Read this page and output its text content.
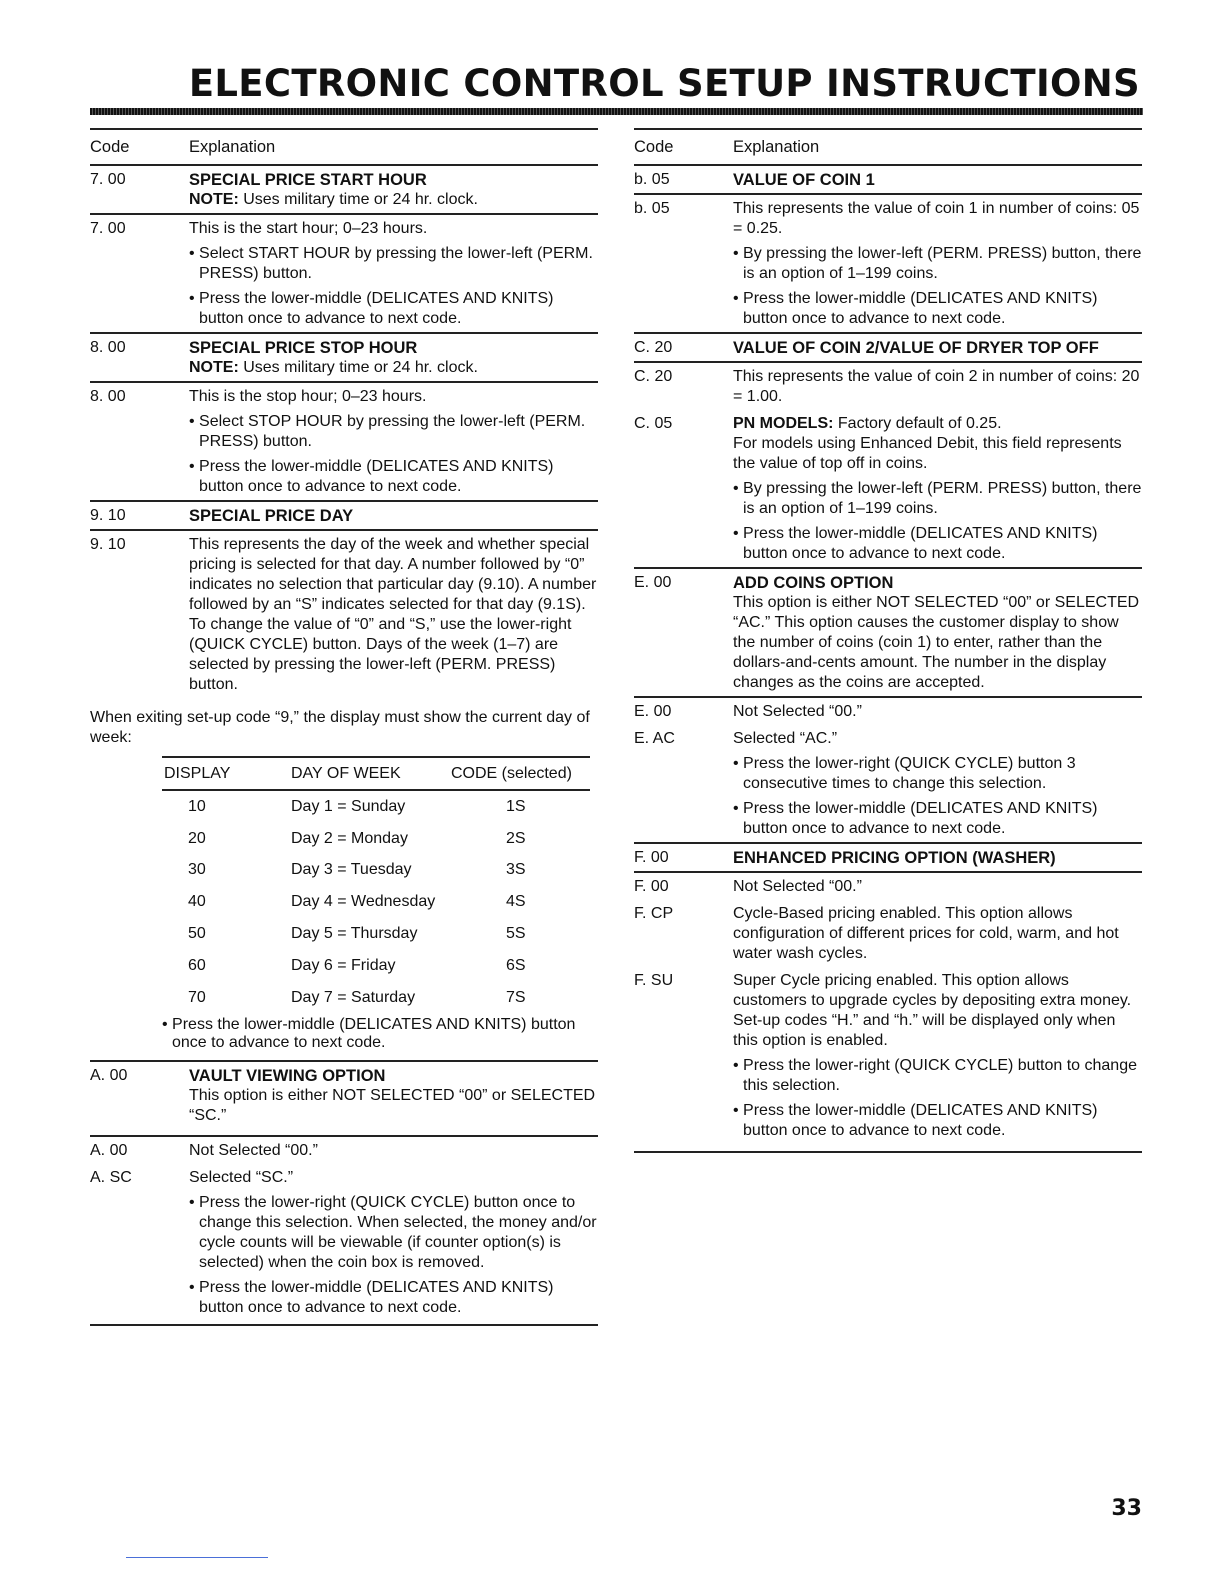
ELECTRONIC CONTROL SETUP INSTRUCTIONS
Code	Explanation
7. 00	SPECIAL PRICE START HOUR
NOTE: Uses military time or 24 hr. clock.
7. 00	This is the start hour; 0–23 hours.
• Select START HOUR by pressing the lower-left (PERM. PRESS) button.
• Press the lower-middle (DELICATES AND KNITS) button once to advance to next code.
8. 00	SPECIAL PRICE STOP HOUR
NOTE: Uses military time or 24 hr. clock.
8. 00	This is the stop hour; 0–23 hours.
• Select STOP HOUR by pressing the lower-left (PERM. PRESS) button.
• Press the lower-middle (DELICATES AND KNITS) button once to advance to next code.
9. 10	SPECIAL PRICE DAY
9. 10	This represents the day of the week and whether special pricing is selected for that day. A number followed by “0” indicates no selection that particular day (9.10). A number followed by an “S” indicates selected for that day (9.1S). To change the value of “0” and “S,” use the lower-right (QUICK CYCLE) button. Days of the week (1–7) are selected by pressing the lower-left (PERM. PRESS) button.
When exiting set-up code “9,” the display must show the current day of week:
DISPLAY	DAY OF WEEK	CODE (selected)
10	Day 1 = Sunday	1S
20	Day 2 = Monday	2S
30	Day 3 = Tuesday	3S
40	Day 4 = Wednesday	4S
50	Day 5 = Thursday	5S
60	Day 6 = Friday	6S
70	Day 7 = Saturday	7S
• Press the lower-middle (DELICATES AND KNITS) button once to advance to next code.
A. 00	VAULT VIEWING OPTION
This option is either NOT SELECTED “00” or SELECTED “SC.”
A. 00	Not Selected “00.”
A. SC	Selected “SC.”
• Press the lower-right (QUICK CYCLE) button once to change this selection. When selected, the money and/or cycle counts will be viewable (if counter option(s) is selected) when the coin box is removed.
• Press the lower-middle (DELICATES AND KNITS) button once to advance to next code.
Code	Explanation
b. 05	VALUE OF COIN 1
b. 05	This represents the value of coin 1 in number of coins: 05 = 0.25.
• By pressing the lower-left (PERM. PRESS) button, there is an option of 1–199 coins.
• Press the lower-middle (DELICATES AND KNITS) button once to advance to next code.
C. 20	VALUE OF COIN 2/VALUE OF DRYER TOP OFF
C. 20	This represents the value of coin 2 in number of coins: 20 = 1.00.
C. 05	PN MODELS: Factory default of 0.25.
For models using Enhanced Debit, this field represents the value of top off in coins.
• By pressing the lower-left (PERM. PRESS) button, there is an option of 1–199 coins.
• Press the lower-middle (DELICATES AND KNITS) button once to advance to next code.
E. 00	ADD COINS OPTION
This option is either NOT SELECTED “00” or SELECTED “AC.” This option causes the customer display to show the number of coins (coin 1) to enter, rather than the dollars-and-cents amount. The number in the display changes as the coins are accepted.
E. 00	Not Selected “00.”
E. AC	Selected “AC.”
• Press the lower-right (QUICK CYCLE) button 3 consecutive times to change this selection.
• Press the lower-middle (DELICATES AND KNITS) button once to advance to next code.
F. 00	ENHANCED PRICING OPTION (WASHER)
F. 00	Not Selected “00.”
F. CP	Cycle-Based pricing enabled. This option allows configuration of different prices for cold, warm, and hot water wash cycles.
F. SU	Super Cycle pricing enabled. This option allows customers to upgrade cycles by depositing extra money. Set-up codes “H.” and “h.” will be displayed only when this option is enabled.
• Press the lower-right (QUICK CYCLE) button to change this selection.
• Press the lower-middle (DELICATES AND KNITS) button once to advance to next code.
33
